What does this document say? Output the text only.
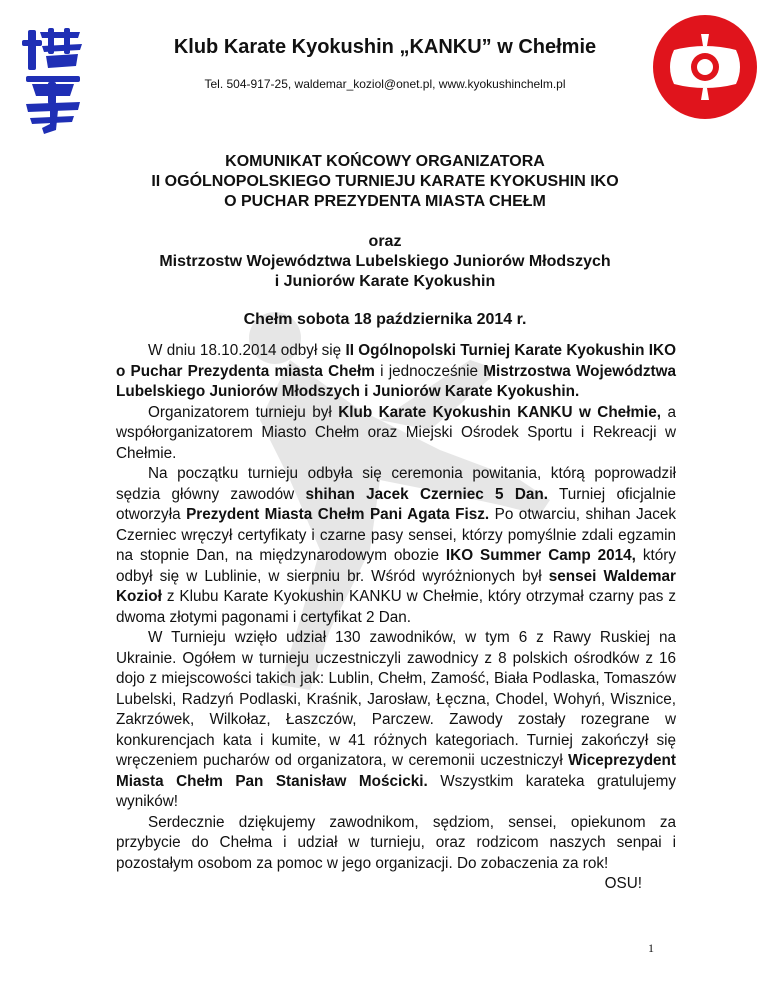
Klub Karate Kyokushin „KANKU” w Chełmie
Tel. 504-917-25, waldemar_koziol@onet.pl, www.kyokushinchelm.pl
KOMUNIKAT KOŃCOWY ORGANIZATORA
II OGÓLNOPOLSKIEGO TURNIEJU KARATE KYOKUSHIN IKO
O PUCHAR PREZYDENTA MIASTA CHEŁM
oraz
Mistrzostw Województwa Lubelskiego Juniorów Młodszych
i Juniorów Karate Kyokushin
Chełm sobota 18 października 2014 r.

W dniu 18.10.2014 odbył się II Ogólnopolski Turniej Karate Kyokushin IKO o Puchar Prezydenta miasta Chełm i jednocześnie Mistrzostwa Województwa Lubelskiego Juniorów Młodszych i Juniorów Karate Kyokushin.

Organizatorem turnieju był Klub Karate Kyokushin KANKU w Chełmie, a współorganizatorem Miasto Chełm oraz Miejski Ośrodek Sportu i Rekreacji w Chełmie.

Na początku turnieju odbyła się ceremonia powitania, którą poprowadził sędzia główny zawodów shihan Jacek Czerniec 5 Dan. Turniej oficjalnie otworzyła Prezydent Miasta Chełm Pani Agata Fisz. Po otwarciu, shihan Jacek Czerniec wręczył certyfikaty i czarne pasy sensei, którzy pomyślnie zdali egzamin na stopnie Dan, na międzynarodowym obozie IKO Summer Camp 2014, który odbył się w Lublinie, w sierpniu br. Wśród wyróżnionych był sensei Waldemar Kozioł z Klubu Karate Kyokushin KANKU w Chełmie, który otrzymał czarny pas z dwoma złotymi pagonami i certyfikat 2 Dan.

W Turnieju wzięło udział 130 zawodników, w tym 6 z Rawy Ruskiej na Ukrainie. Ogółem w turnieju uczestniczyli zawodnicy z 8 polskich ośrodków z 16 dojo z miejscowości takich jak: Lublin, Chełm, Zamość, Biała Podlaska, Tomaszów Lubelski, Radzyń Podlaski, Kraśnik, Jarosław, Łęczna, Chodel, Wohyń, Wisznice, Zakrzówek, Wilkołaz, Łaszczów, Parczew. Zawody zostały rozegrane w konkurencjach kata i kumite, w 41 różnych kategoriach. Turniej zakończył się wręczeniem pucharów od organizatora, w ceremonii uczestniczył Wiceprezydent Miasta Chełm Pan Stanisław Mościcki. Wszystkim karateka gratulujemy wyników!

Serdecznie dziękujemy zawodnikom, sędziom, sensei, opiekunom za przybycie do Chełma i udział w turnieju, oraz rodzicom naszych senpai i pozostałym osobom za pomoc w jego organizacji. Do zobaczenia za rok!

OSU!

1
